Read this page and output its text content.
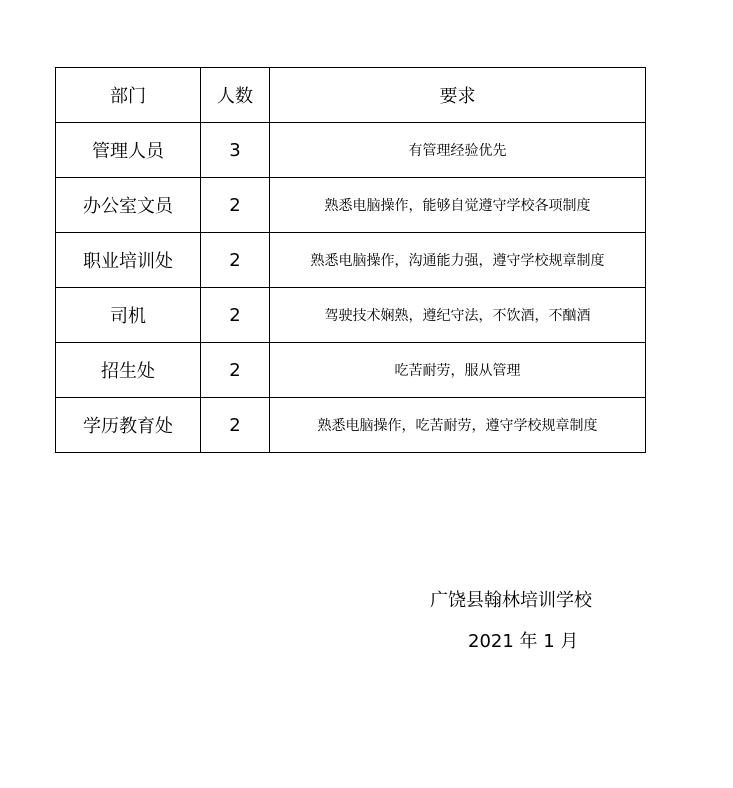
部门	人数	要求
管理人员	3	有管理经验优先
办公室文员	2	熟悉电脑操作，能够自觉遵守学校各项制度
职业培训处	2	熟悉电脑操作，沟通能力强，遵守学校规章制度
司机	2	驾驶技术娴熟，遵纪守法，不饮酒，不酗酒
招生处	2	吃苦耐劳，服从管理
学历教育处	2	熟悉电脑操作，吃苦耐劳，遵守学校规章制度
广饶县翰林培训学校
2021 年 1 月
